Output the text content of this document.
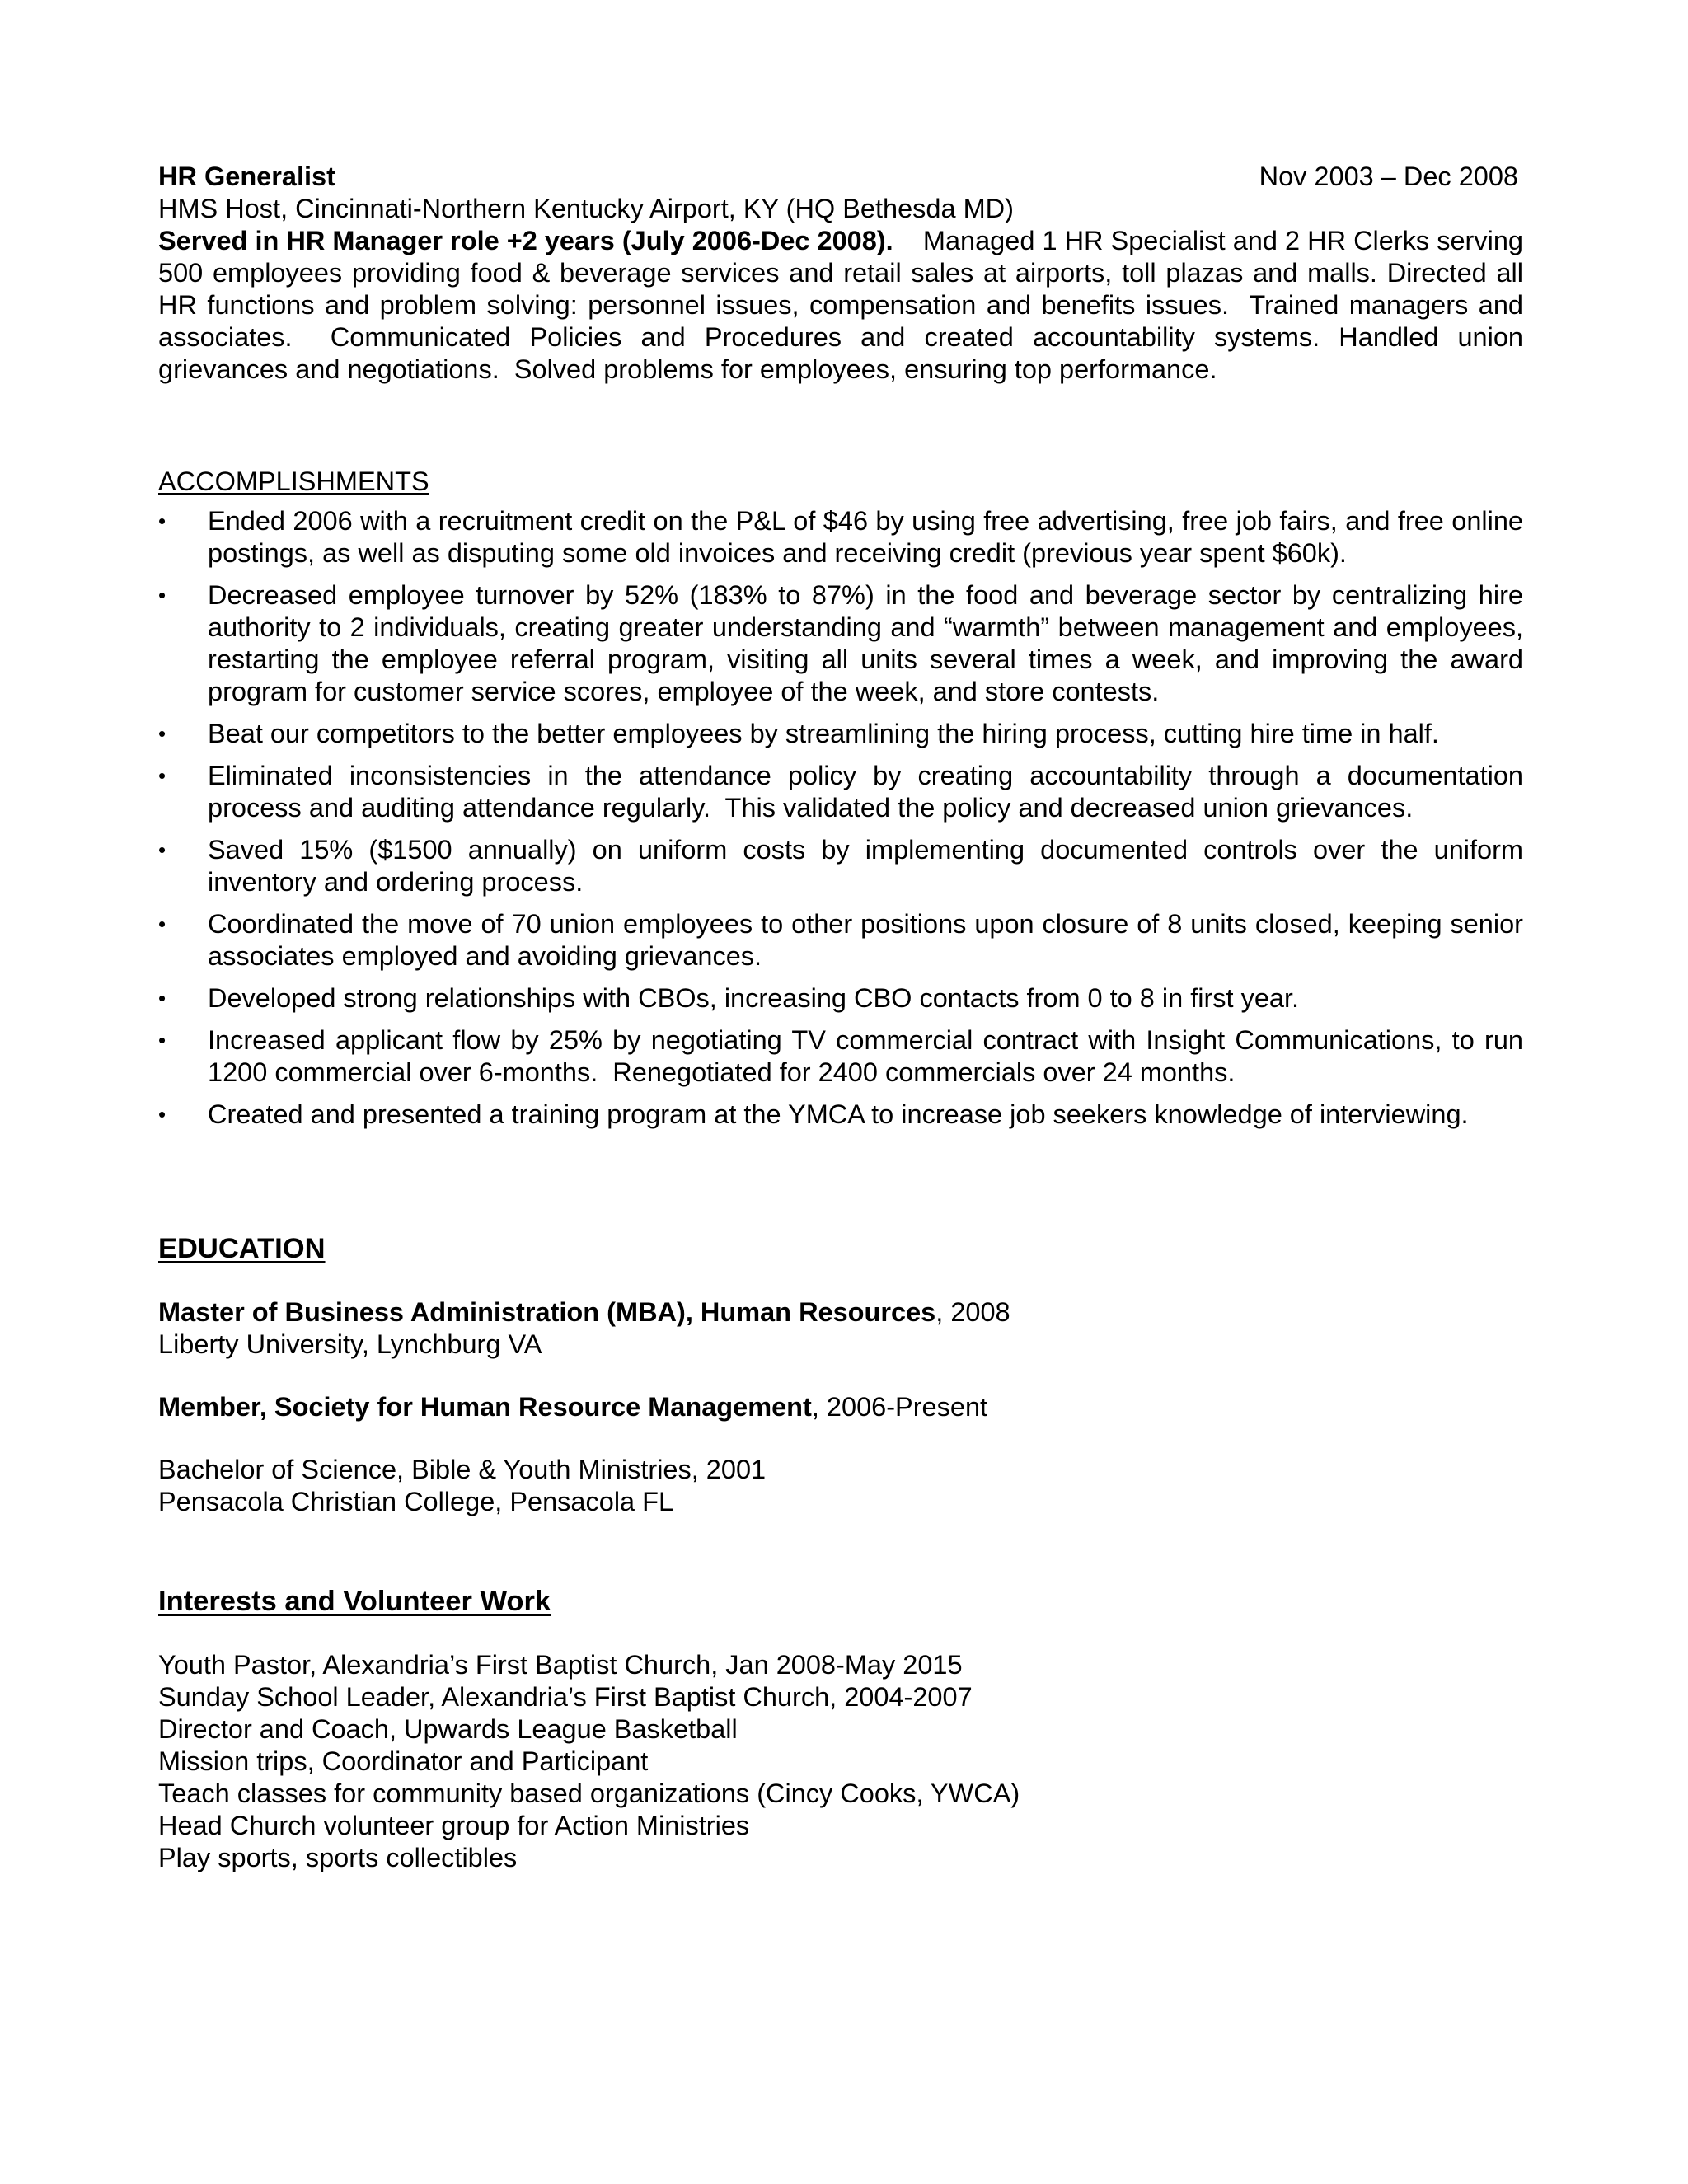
HR Generalist	Nov 2003 – Dec 2008
HMS Host, Cincinnati-Northern Kentucky Airport, KY (HQ Bethesda MD)
Served in HR Manager role +2 years (July 2006-Dec 2008). Managed 1 HR Specialist and 2 HR Clerks serving 500 employees providing food & beverage services and retail sales at airports, toll plazas and malls. Directed all HR functions and problem solving: personnel issues, compensation and benefits issues.  Trained managers and associates.  Communicated Policies and Procedures and created accountability systems. Handled union grievances and negotiations.  Solved problems for employees, ensuring top performance.
ACCOMPLISHMENTS
•	Ended 2006 with a recruitment credit on the P&L of $46 by using free advertising, free job fairs, and free online postings, as well as disputing some old invoices and receiving credit (previous year spent $60k).
•	Decreased employee turnover by 52% (183% to 87%) in the food and beverage sector by centralizing hire authority to 2 individuals, creating greater understanding and “warmth” between management and employees, restarting the employee referral program, visiting all units several times a week, and improving the award program for customer service scores, employee of the week, and store contests.
•	Beat our competitors to the better employees by streamlining the hiring process, cutting hire time in half.
•	Eliminated inconsistencies in the attendance policy by creating accountability through a documentation process and auditing attendance regularly.  This validated the policy and decreased union grievances.
•	Saved 15% ($1500 annually) on uniform costs by implementing documented controls over the uniform inventory and ordering process.
•	Coordinated the move of 70 union employees to other positions upon closure of 8 units closed, keeping senior associates employed and avoiding grievances.
•	Developed strong relationships with CBOs, increasing CBO contacts from 0 to 8 in first year.
•	Increased applicant flow by 25% by negotiating TV commercial contract with Insight Communications, to run 1200 commercial over 6-months.  Renegotiated for 2400 commercials over 24 months.
•	Created and presented a training program at the YMCA to increase job seekers knowledge of interviewing.
EDUCATION
Master of Business Administration (MBA), Human Resources, 2008
Liberty University, Lynchburg VA
Member, Society for Human Resource Management, 2006-Present
Bachelor of Science, Bible & Youth Ministries, 2001
Pensacola Christian College, Pensacola FL
Interests and Volunteer Work
Youth Pastor, Alexandria’s First Baptist Church, Jan 2008-May 2015
Sunday School Leader, Alexandria’s First Baptist Church, 2004-2007
Director and Coach, Upwards League Basketball
Mission trips, Coordinator and Participant
Teach classes for community based organizations (Cincy Cooks, YWCA)
Head Church volunteer group for Action Ministries
Play sports, sports collectibles
